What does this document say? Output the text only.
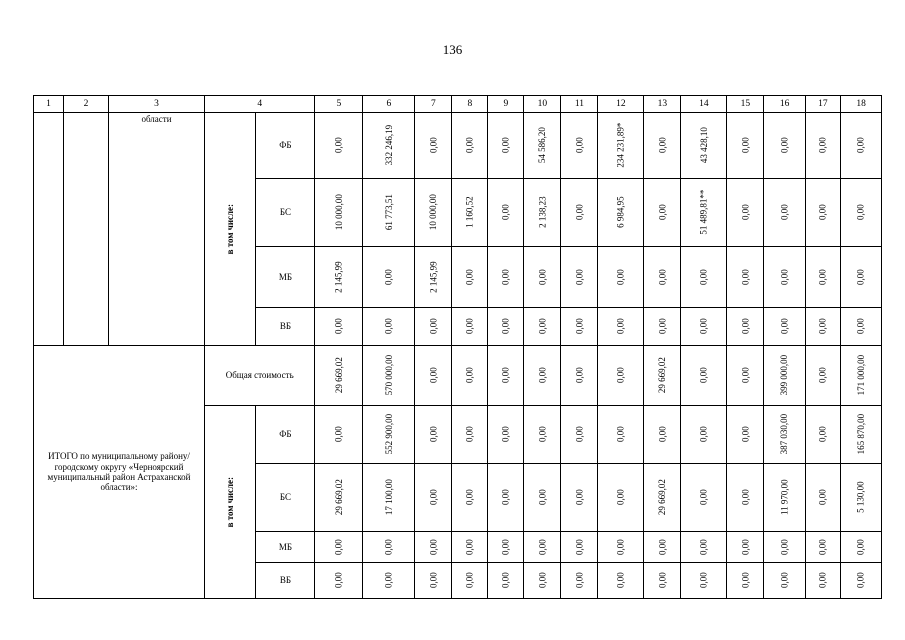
136
1	2	3	4		5	6	7	8	9	10	11	12	13	14	15	16	17	18
		области	в том числе:	ФБ	0,00	332 246,19	0,00	0,00	0,00	54 586,20	0,00	234 231,89*	0,00	43 428,10	0,00	0,00	0,00	0,00
				БС	10 000,00	61 773,51	10 000,00	1 160,52	0,00	2 138,23	0,00	6 984,95	0,00	51 489,81**	0,00	0,00	0,00	0,00
				МБ	2 145,99	0,00	2 145,99	0,00	0,00	0,00	0,00	0,00	0,00	0,00	0,00	0,00	0,00	0,00
				ВБ	0,00	0,00	0,00	0,00	0,00	0,00	0,00	0,00	0,00	0,00	0,00	0,00	0,00	0,00
ИТОГО по муниципальному району/ городскому округу «Черноярский муниципальный район Астраханской области»:			Общая стоимость		29 669,02	570 000,00	0,00	0,00	0,00	0,00	0,00	0,00	29 669,02	0,00	0,00	399 000,00	0,00	171 000,00
			в том числе:	ФБ	0,00	552 900,00	0,00	0,00	0,00	0,00	0,00	0,00	0,00	0,00	0,00	387 030,00	0,00	165 870,00
				БС	29 669,02	17 100,00	0,00	0,00	0,00	0,00	0,00	0,00	29 669,02	0,00	0,00	11 970,00	0,00	5 130,00
				МБ	0,00	0,00	0,00	0,00	0,00	0,00	0,00	0,00	0,00	0,00	0,00	0,00	0,00	0,00
				ВБ	0,00	0,00	0,00	0,00	0,00	0,00	0,00	0,00	0,00	0,00	0,00	0,00	0,00	0,00
